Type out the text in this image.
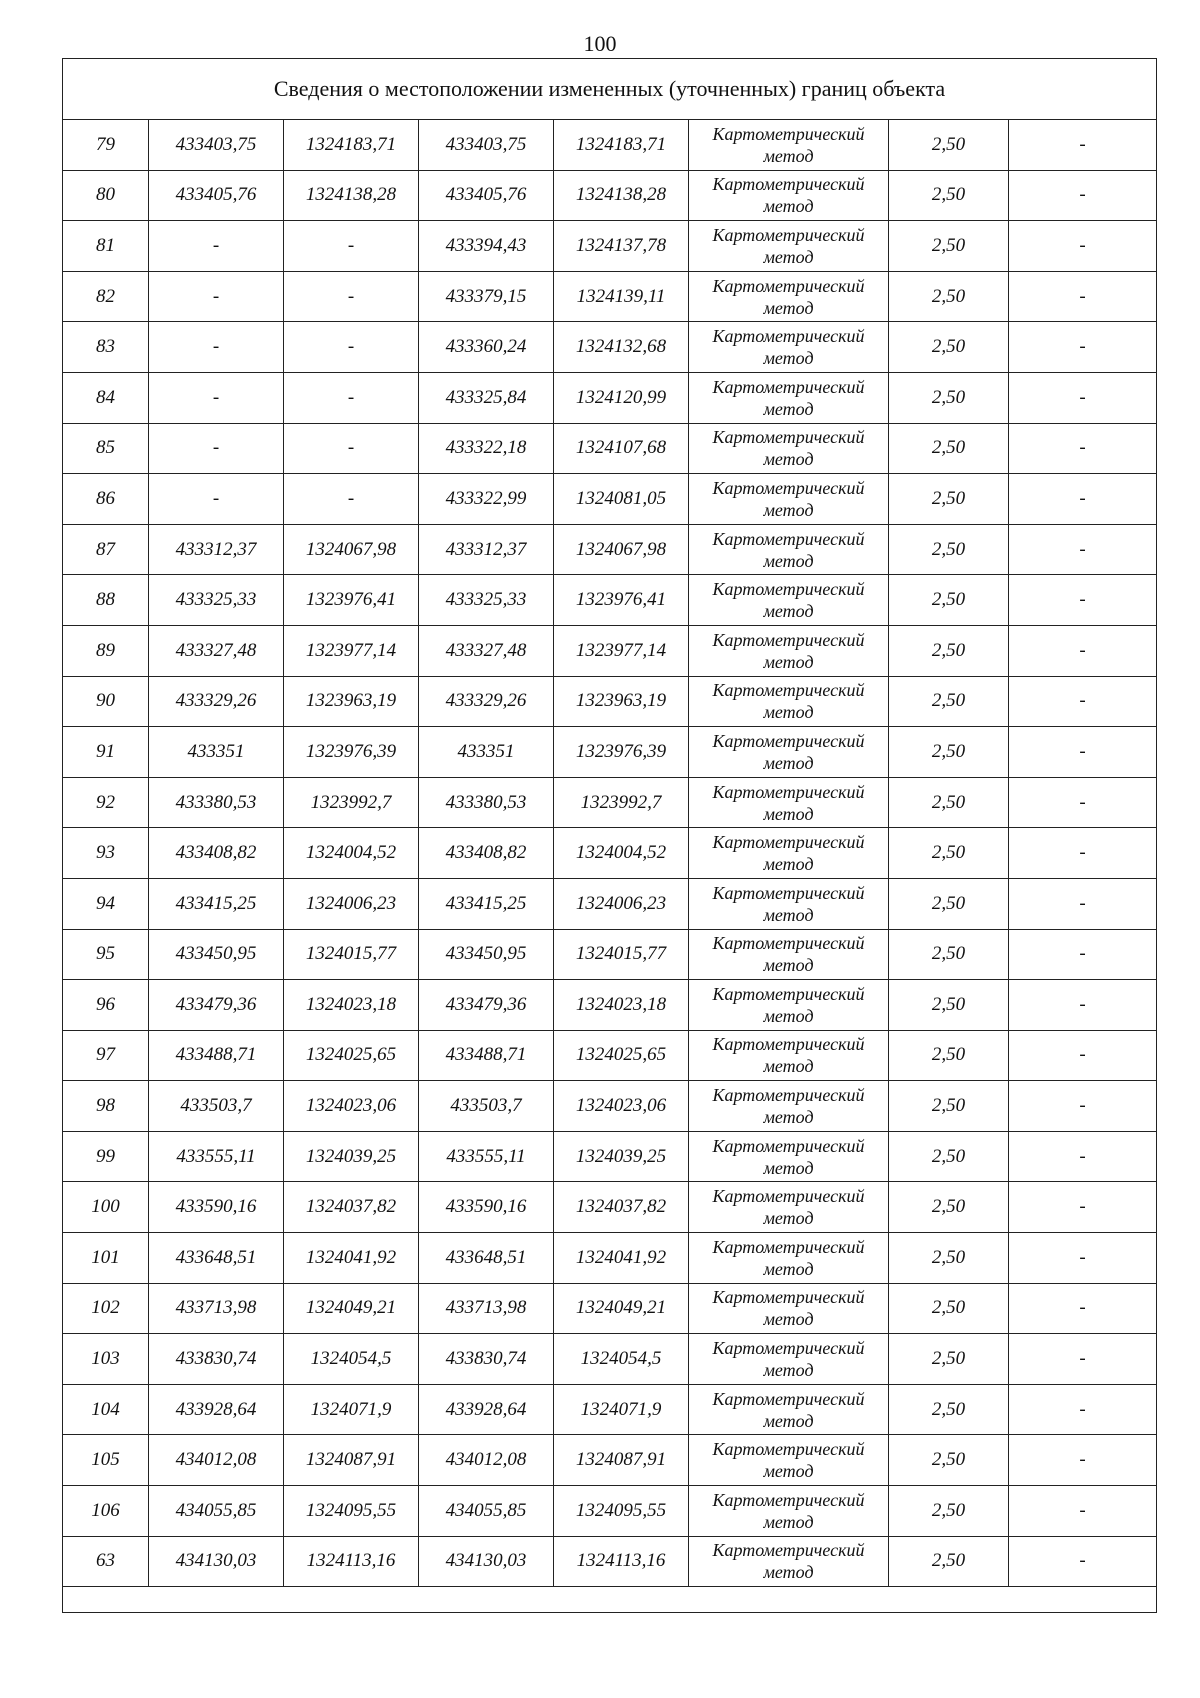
100
Сведения о местоположении измененных (уточненных) границ объекта							
79	433403,75	1324183,71	433403,75	1324183,71	Картометрический
метод	2,50	-
80	433405,76	1324138,28	433405,76	1324138,28	Картометрический
метод	2,50	-
81	-	-	433394,43	1324137,78	Картометрический
метод	2,50	-
82	-	-	433379,15	1324139,11	Картометрический
метод	2,50	-
83	-	-	433360,24	1324132,68	Картометрический
метод	2,50	-
84	-	-	433325,84	1324120,99	Картометрический
метод	2,50	-
85	-	-	433322,18	1324107,68	Картометрический
метод	2,50	-
86	-	-	433322,99	1324081,05	Картометрический
метод	2,50	-
87	433312,37	1324067,98	433312,37	1324067,98	Картометрический
метод	2,50	-
88	433325,33	1323976,41	433325,33	1323976,41	Картометрический
метод	2,50	-
89	433327,48	1323977,14	433327,48	1323977,14	Картометрический
метод	2,50	-
90	433329,26	1323963,19	433329,26	1323963,19	Картометрический
метод	2,50	-
91	433351	1323976,39	433351	1323976,39	Картометрический
метод	2,50	-
92	433380,53	1323992,7	433380,53	1323992,7	Картометрический
метод	2,50	-
93	433408,82	1324004,52	433408,82	1324004,52	Картометрический
метод	2,50	-
94	433415,25	1324006,23	433415,25	1324006,23	Картометрический
метод	2,50	-
95	433450,95	1324015,77	433450,95	1324015,77	Картометрический
метод	2,50	-
96	433479,36	1324023,18	433479,36	1324023,18	Картометрический
метод	2,50	-
97	433488,71	1324025,65	433488,71	1324025,65	Картометрический
метод	2,50	-
98	433503,7	1324023,06	433503,7	1324023,06	Картометрический
метод	2,50	-
99	433555,11	1324039,25	433555,11	1324039,25	Картометрический
метод	2,50	-
100	433590,16	1324037,82	433590,16	1324037,82	Картометрический
метод	2,50	-
101	433648,51	1324041,92	433648,51	1324041,92	Картометрический
метод	2,50	-
102	433713,98	1324049,21	433713,98	1324049,21	Картометрический
метод	2,50	-
103	433830,74	1324054,5	433830,74	1324054,5	Картометрический
метод	2,50	-
104	433928,64	1324071,9	433928,64	1324071,9	Картометрический
метод	2,50	-
105	434012,08	1324087,91	434012,08	1324087,91	Картометрический
метод	2,50	-
106	434055,85	1324095,55	434055,85	1324095,55	Картометрический
метод	2,50	-
63	434130,03	1324113,16	434130,03	1324113,16	Картометрический
метод	2,50	-
